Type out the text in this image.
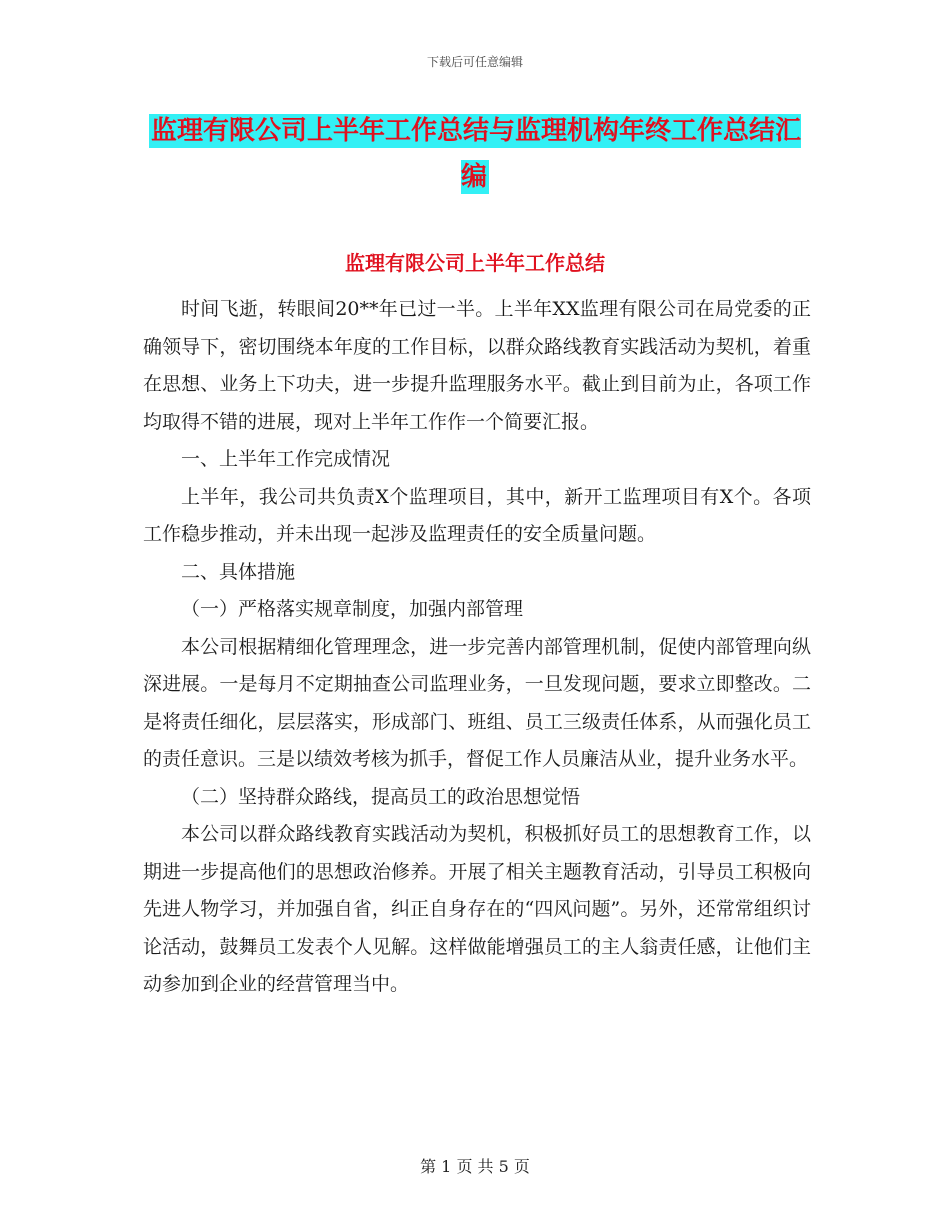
下载后可任意编辑
监理有限公司上半年工作总结与监理机构年终工作总结汇编
监理有限公司上半年工作总结

时间飞逝，转眼间20**年已过一半。上半年XX监理有限公司在局党委的正确领导下，密切围绕本年度的工作目标，以群众路线教育实践活动为契机，着重在思想、业务上下功夫，进一步提升监理服务水平。截止到目前为止，各项工作均取得不错的进展，现对上半年工作作一个简要汇报。

一、上半年工作完成情况

上半年，我公司共负责X个监理项目，其中，新开工监理项目有X个。各项工作稳步推动，并未出现一起涉及监理责任的安全质量问题。

二、具体措施

（一）严格落实规章制度，加强内部管理

本公司根据精细化管理理念，进一步完善内部管理机制，促使内部管理向纵深进展。一是每月不定期抽查公司监理业务，一旦发现问题，要求立即整改。二是将责任细化，层层落实，形成部门、班组、员工三级责任体系，从而强化员工的责任意识。三是以绩效考核为抓手，督促工作人员廉洁从业，提升业务水平。

（二）坚持群众路线，提高员工的政治思想觉悟

本公司以群众路线教育实践活动为契机，积极抓好员工的思想教育工作，以期进一步提高他们的思想政治修养。开展了相关主题教育活动，引导员工积极向先进人物学习，并加强自省，纠正自身存在的“四风问题”。另外，还常常组织讨论活动，鼓舞员工发表个人见解。这样做能增强员工的主人翁责任感，让他们主动参加到企业的经营管理当中。

第 1 页 共 5 页
